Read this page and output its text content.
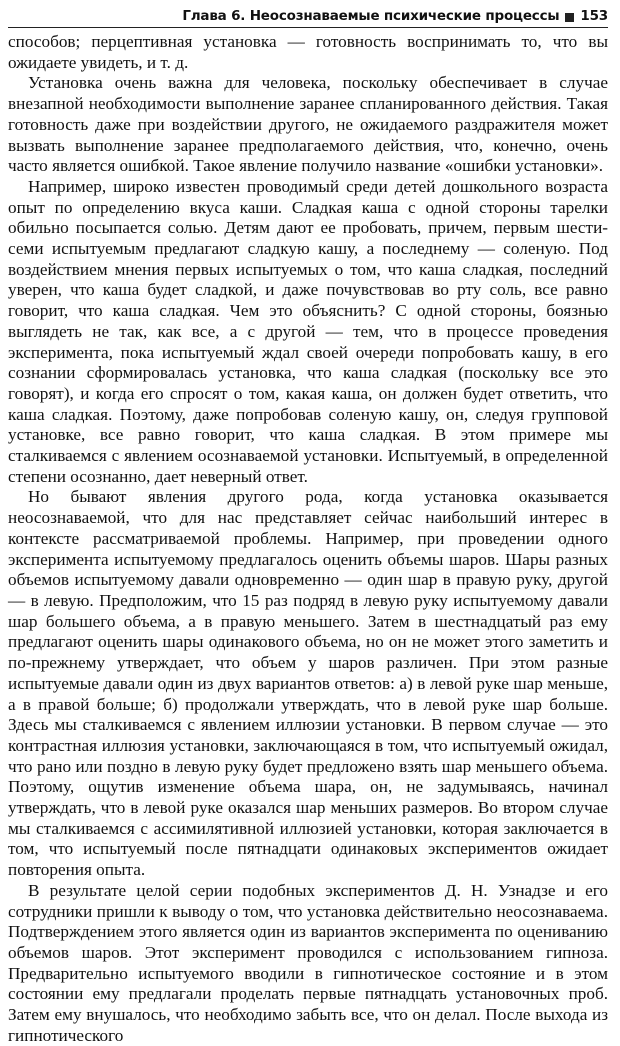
Глава 6. Неосознаваемые психические процессы 153

способов; перцептивная установка — готовность воспринимать то, что вы ожидаете увидеть, и т. д.

Установка очень важна для человека, поскольку обеспечивает в случае внезапной необходимости выполнение заранее спланированного действия. Такая готовность даже при воздействии другого, не ожидаемого раздражителя может вызвать выполнение заранее предполагаемого действия, что, конечно, очень часто является ошибкой. Такое явление получило название «ошибки установки».

Например, широко известен проводимый среди детей дошкольного возраста опыт по определению вкуса каши. Сладкая каша с одной стороны тарелки обильно посыпается солью. Детям дают ее пробовать, причем, первым шести-семи испытуемым предлагают сладкую кашу, а последнему — соленую. Под воздействием мнения первых испытуемых о том, что каша сладкая, последний уверен, что каша будет сладкой, и даже почувствовав во рту соль, все равно говорит, что каша сладкая. Чем это объяснить? С одной стороны, боязнью выглядеть не так, как все, а с другой — тем, что в процессе проведения эксперимента, пока испытуемый ждал своей очереди попробовать кашу, в его сознании сформировалась установка, что каша сладкая (поскольку все это говорят), и когда его спросят о том, какая каша, он должен будет ответить, что каша сладкая. Поэтому, даже попробовав соленую кашу, он, следуя групповой установке, все равно говорит, что каша сладкая. В этом примере мы сталкиваемся с явлением осознаваемой установки. Испытуемый, в определенной степени осознанно, дает неверный ответ.

Но бывают явления другого рода, когда установка оказывается неосознаваемой, что для нас представляет сейчас наибольший интерес в контексте рассматриваемой проблемы. Например, при проведении одного эксперимента испытуемому предлагалось оценить объемы шаров. Шары разных объемов испытуемому давали одновременно — один шар в правую руку, другой — в левую. Предположим, что 15 раз подряд в левую руку испытуемому давали шар большего объема, а в правую меньшего. Затем в шестнадцатый раз ему предлагают оценить шары одинакового объема, но он не может этого заметить и по-прежнему утверждает, что объем у шаров различен. При этом разные испытуемые давали один из двух вариантов ответов: а) в левой руке шар меньше, а в правой больше; б) продолжали утверждать, что в левой руке шар больше. Здесь мы сталкиваемся с явлением иллюзии установки. В первом случае — это контрастная иллюзия установки, заключающаяся в том, что испытуемый ожидал, что рано или поздно в левую руку будет предложено взять шар меньшего объема. Поэтому, ощутив изменение объема шара, он, не задумываясь, начинал утверждать, что в левой руке оказался шар меньших размеров. Во втором случае мы сталкиваемся с ассимилятивной иллюзией установки, которая заключается в том, что испытуемый после пятнадцати одинаковых экспериментов ожидает повторения опыта.

В результате целой серии подобных экспериментов Д. Н. Узнадзе и его сотрудники пришли к выводу о том, что установка действительно неосознаваема. Подтверждением этого является один из вариантов эксперимента по оцениванию объемов шаров. Этот эксперимент проводился с использованием гипноза. Предварительно испытуемого вводили в гипнотическое состояние и в этом состоянии ему предлагали проделать первые пятнадцать установочных проб. Затем ему внушалось, что необходимо забыть все, что он делал. После выхода из гипнотического
